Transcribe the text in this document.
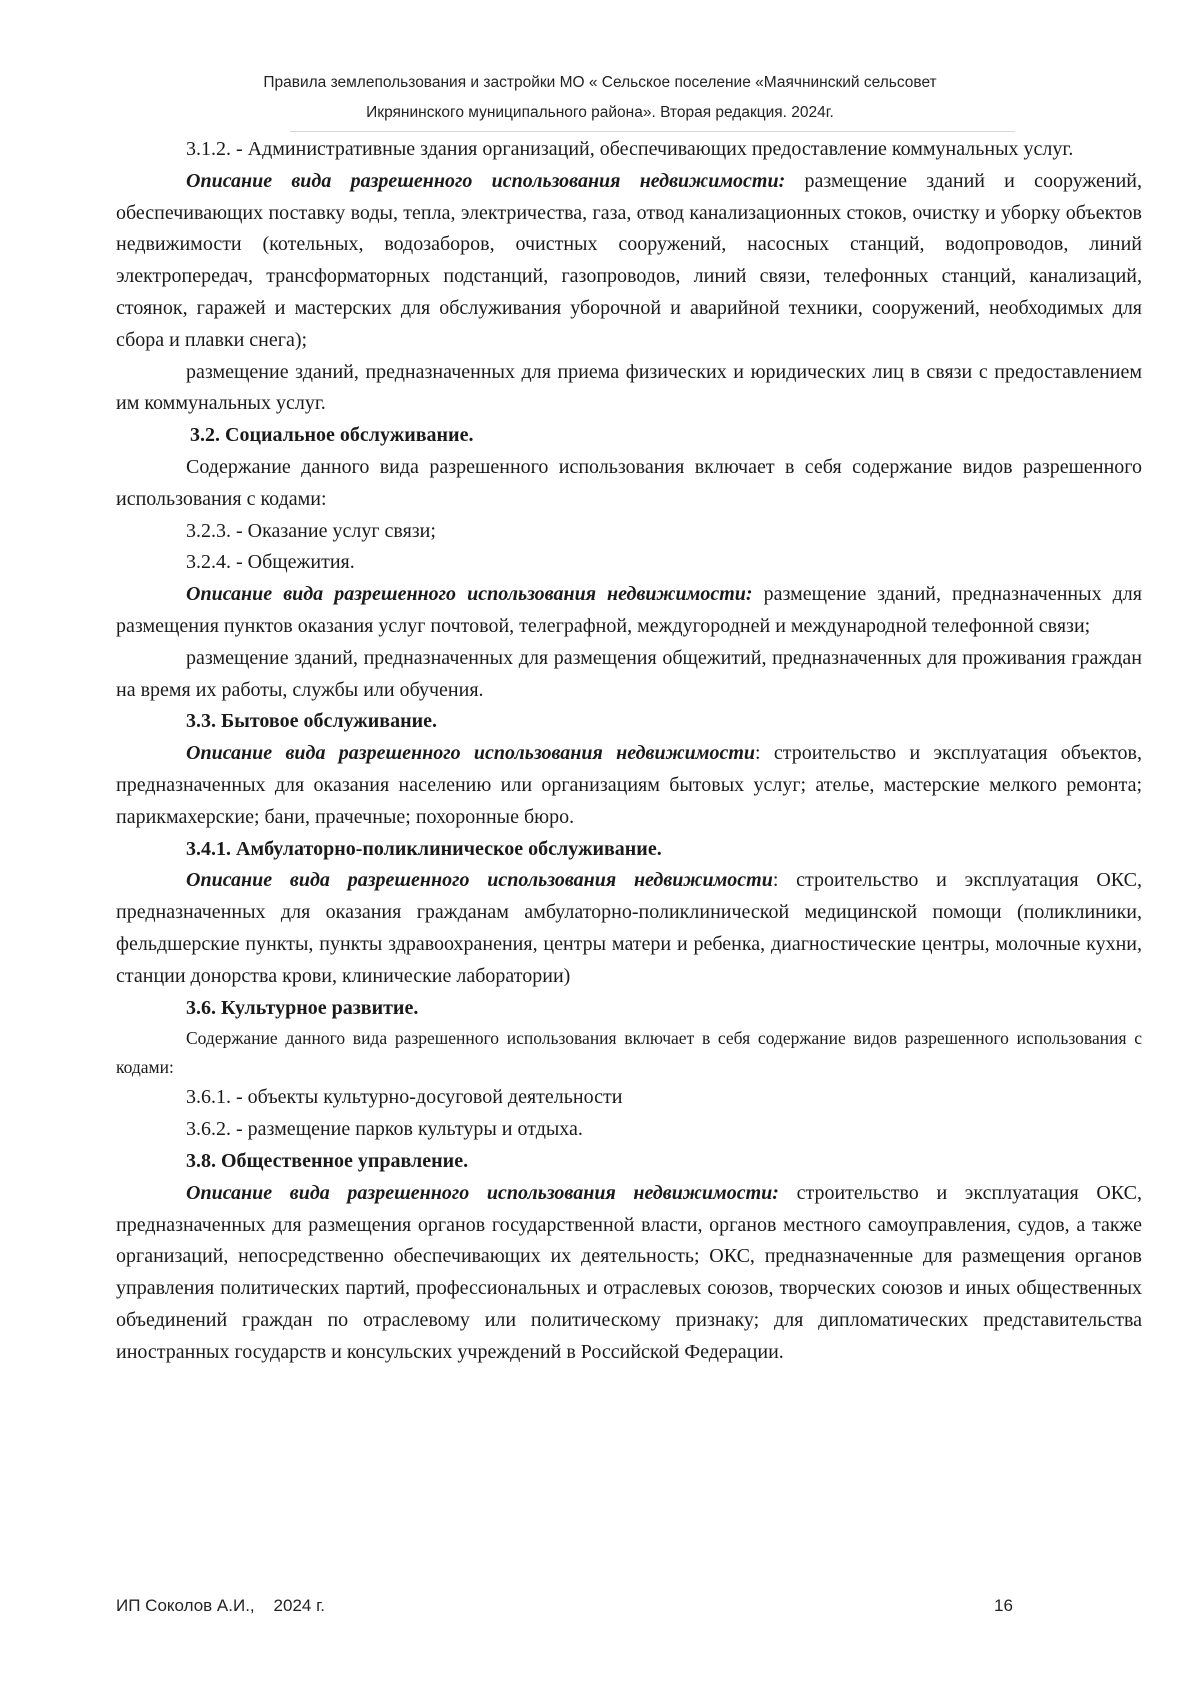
Правила землепользования и застройки МО « Сельское поселение «Маячнинский сельсовет
Икрянинского муниципального района». Вторая редакция. 2024г.

3.1.2. - Административные здания организаций, обеспечивающих предоставление коммунальных услуг.

Описание вида разрешенного использования недвижимости: размещение зданий и сооружений, обеспечивающих поставку воды, тепла, электричества, газа, отвод канализационных стоков, очистку и уборку объектов недвижимости (котельных, водозаборов, очистных сооружений, насосных станций, водопроводов, линий электропередач, трансформаторных подстанций, газопроводов, линий связи, телефонных станций, канализаций, стоянок, гаражей и мастерских для обслуживания уборочной и аварийной техники, сооружений, необходимых для сбора и плавки снега);

размещение зданий, предназначенных для приема физических и юридических лиц в связи с предоставлением им коммунальных услуг.

3.2. Социальное обслуживание.

Содержание данного вида разрешенного использования включает в себя содержание видов разрешенного использования с кодами:

3.2.3. - Оказание услуг связи;

3.2.4. - Общежития.

Описание вида разрешенного использования недвижимости: размещение зданий, предназначенных для размещения пунктов оказания услуг почтовой, телеграфной, междугородней и международной телефонной связи;

размещение зданий, предназначенных для размещения общежитий, предназначенных для проживания граждан на время их работы, службы или обучения.

3.3. Бытовое обслуживание.

Описание вида разрешенного использования недвижимости: строительство и эксплуатация объектов, предназначенных для оказания населению или организациям бытовых услуг; ателье, мастерские мелкого ремонта; парикмахерские; бани, прачечные; похоронные бюро.

3.4.1. Амбулаторно-поликлиническое обслуживание.

Описание вида разрешенного использования недвижимости: строительство и эксплуатация ОКС, предназначенных для оказания гражданам амбулаторно-поликлинической медицинской помощи (поликлиники, фельдшерские пункты, пункты здравоохранения, центры матери и ребенка, диагностические центры, молочные кухни, станции донорства крови, клинические лаборатории)

3.6. Культурное развитие.

Содержание данного вида разрешенного использования включает в себя содержание видов разрешенного использования с кодами:

3.6.1. - объекты культурно-досуговой деятельности

3.6.2. - размещение парков культуры и отдыха.

3.8. Общественное управление.

Описание вида разрешенного использования недвижимости: строительство и эксплуатация ОКС, предназначенных для размещения органов государственной власти, органов местного самоуправления, судов, а также организаций, непосредственно обеспечивающих их деятельность; ОКС, предназначенные для размещения органов управления политических партий, профессиональных и отраслевых союзов, творческих союзов и иных общественных объединений граждан по отраслевому или политическому признаку; для дипломатических представительства иностранных государств и консульских учреждений в Российской Федерации.

ИП Соколов А.И.,    2024 г.	16
